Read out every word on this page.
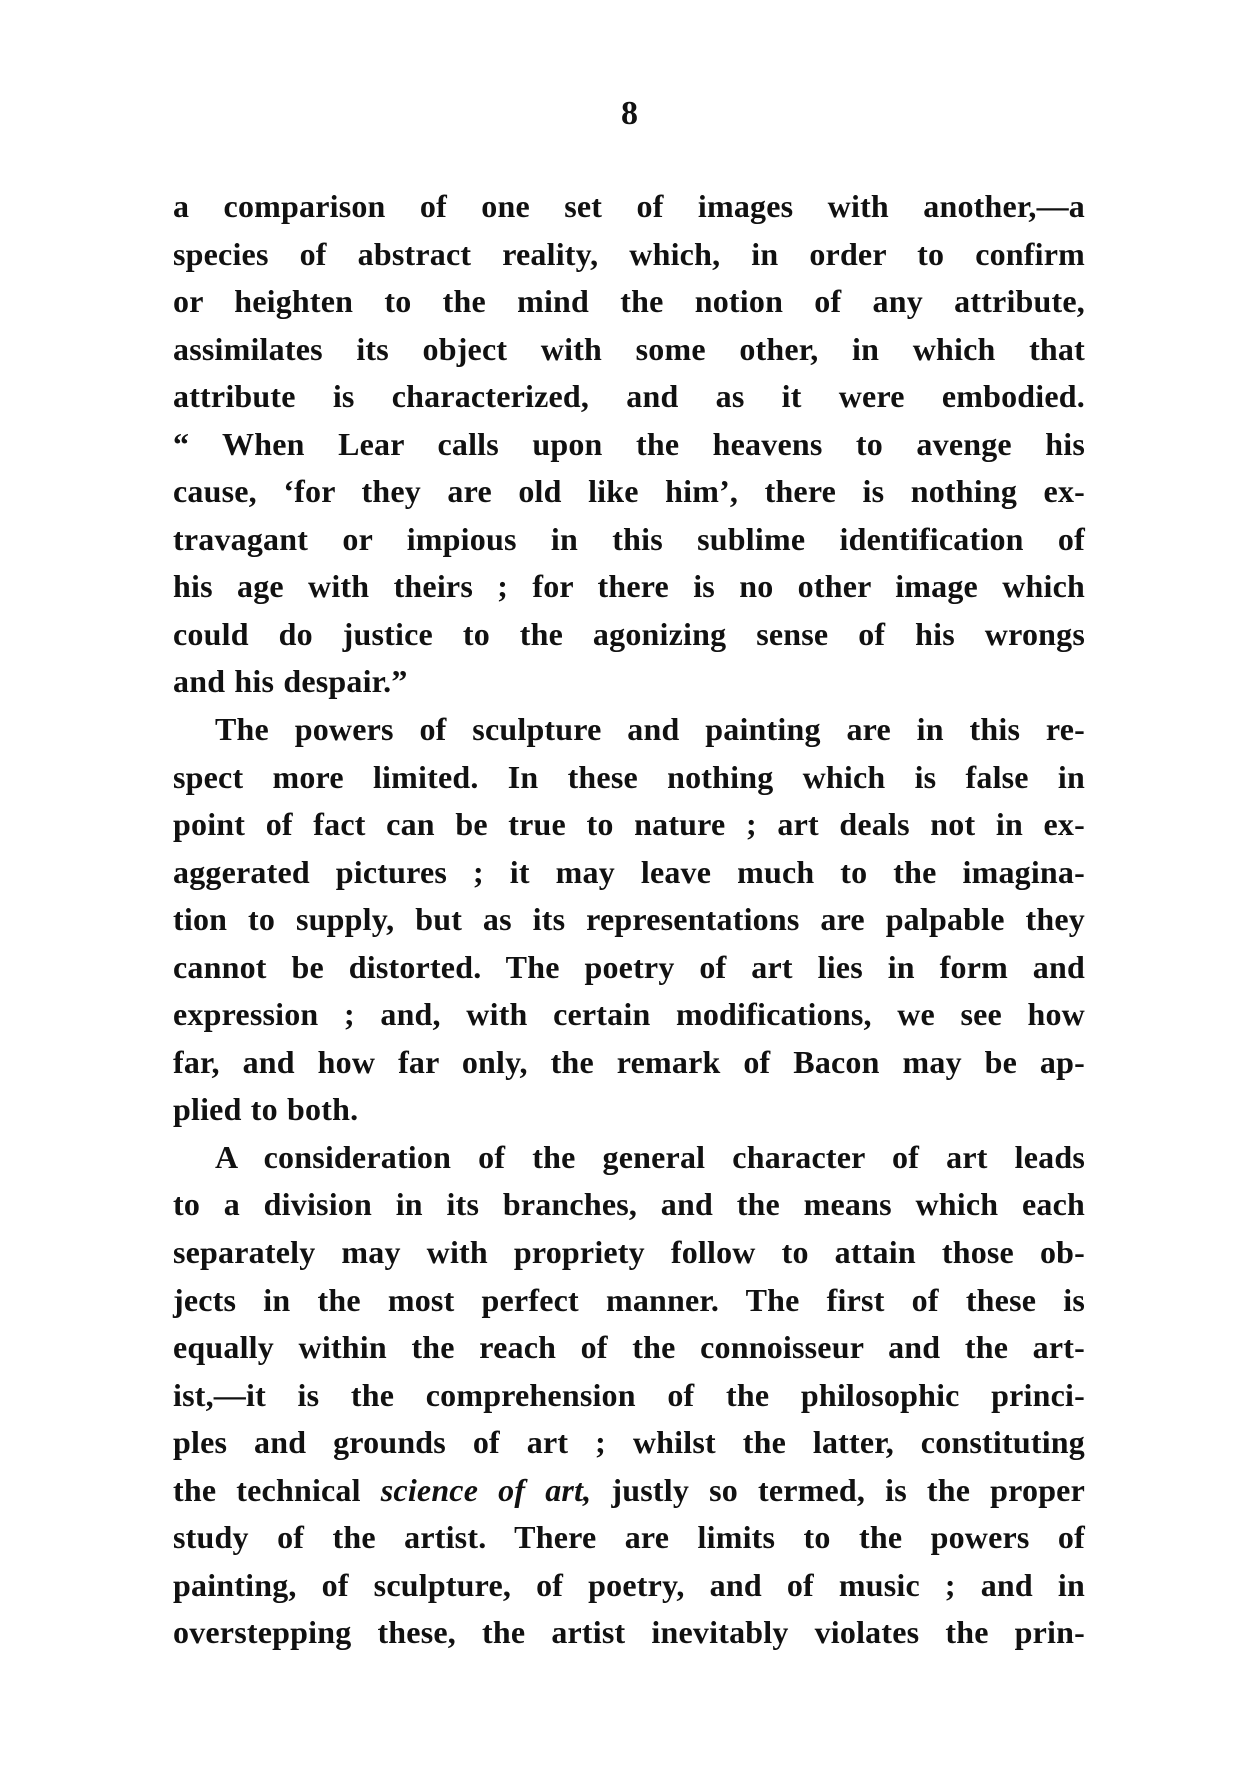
8
a comparison of one set of images with another,—a
species of abstract reality, which, in order to confirm
or heighten to the mind the notion of any attribute,
assimilates its object with some other, in which that
attribute is characterized, and as it were embodied.
“ When Lear calls upon the heavens to avenge his
cause, ‘for they are old like him’, there is nothing ex-
travagant or impious in this sublime identification of
his age with theirs ; for there is no other image which
could do justice to the agonizing sense of his wrongs
and his despair.”
The powers of sculpture and painting are in this re-
spect more limited. In these nothing which is false in
point of fact can be true to nature ; art deals not in ex-
aggerated pictures ; it may leave much to the imagina-
tion to supply, but as its representations are palpable they
cannot be distorted. The poetry of art lies in form and
expression ; and, with certain modifications, we see how
far, and how far only, the remark of Bacon may be ap-
plied to both.
A consideration of the general character of art leads
to a division in its branches, and the means which each
separately may with propriety follow to attain those ob-
jects in the most perfect manner. The first of these is
equally within the reach of the connoisseur and the art-
ist,—it is the comprehension of the philosophic princi-
ples and grounds of art ; whilst the latter, constituting
the technical science of art, justly so termed, is the proper
study of the artist. There are limits to the powers of
painting, of sculpture, of poetry, and of music ; and in
overstepping these, the artist inevitably violates the prin-
